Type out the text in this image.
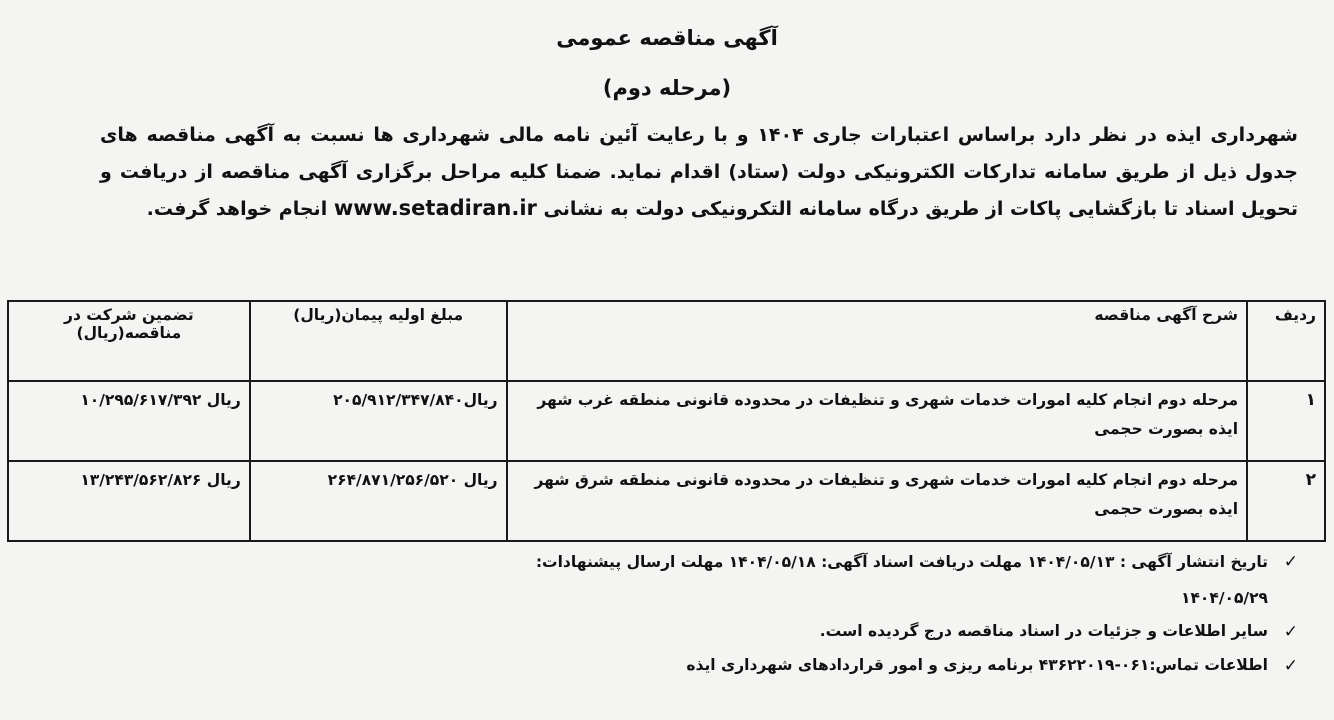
آگهی مناقصه عمومی
(مرحله دوم)
شهرداری ایذه در نظر دارد براساس اعتبارات جاری ۱۴۰۴ و با رعایت آئین نامه مالی شهرداری ها نسبت به آگهی مناقصه های جدول ذیل از طریق سامانه تدارکات الکترونیکی دولت (ستاد) اقدام نماید. ضمنا کلیه مراحل برگزاری آگهی مناقصه از دریافت و تحویل اسناد تا بازگشایی پاکات از طریق درگاه سامانه التکرونیکی دولت به نشانی www.setadiran.ir انجام خواهد گرفت.
ردیف	شرح آگهی مناقصه	مبلغ اولیه پیمان(ریال)	تضمین شرکت در مناقصه(ریال)
۱	مرحله دوم انجام کلیه امورات خدمات شهری و تنظیفات در محدوده قانونی منطقه غرب شهر ایذه بصورت حجمی	۲۰۵/۹۱۲/۳۴۷/۸۴۰ریال	۱۰/۲۹۵/۶۱۷/۳۹۲ ریال
۲	مرحله دوم انجام کلیه امورات خدمات شهری و تنظیفات در محدوده قانونی منطقه شرق شهر ایذه بصورت حجمی	۲۶۴/۸۷۱/۲۵۶/۵۲۰ ریال	۱۳/۲۴۳/۵۶۲/۸۲۶ ریال
✓
تاریخ انتشار آگهی : ۱۴۰۴/۰۵/۱۳ مهلت دریافت اسناد آگهی: ۱۴۰۴/۰۵/۱۸ مهلت ارسال پیشنهادات:
۱۴۰۴/۰۵/۲۹
✓
سایر اطلاعات و جزئیات در اسناد مناقصه درج گردیده است.
✓
اطلاعات تماس:۰۶۱-۴۳۶۲۲۰۱۹ برنامه ریزی و امور قراردادهای شهرداری ایذه
